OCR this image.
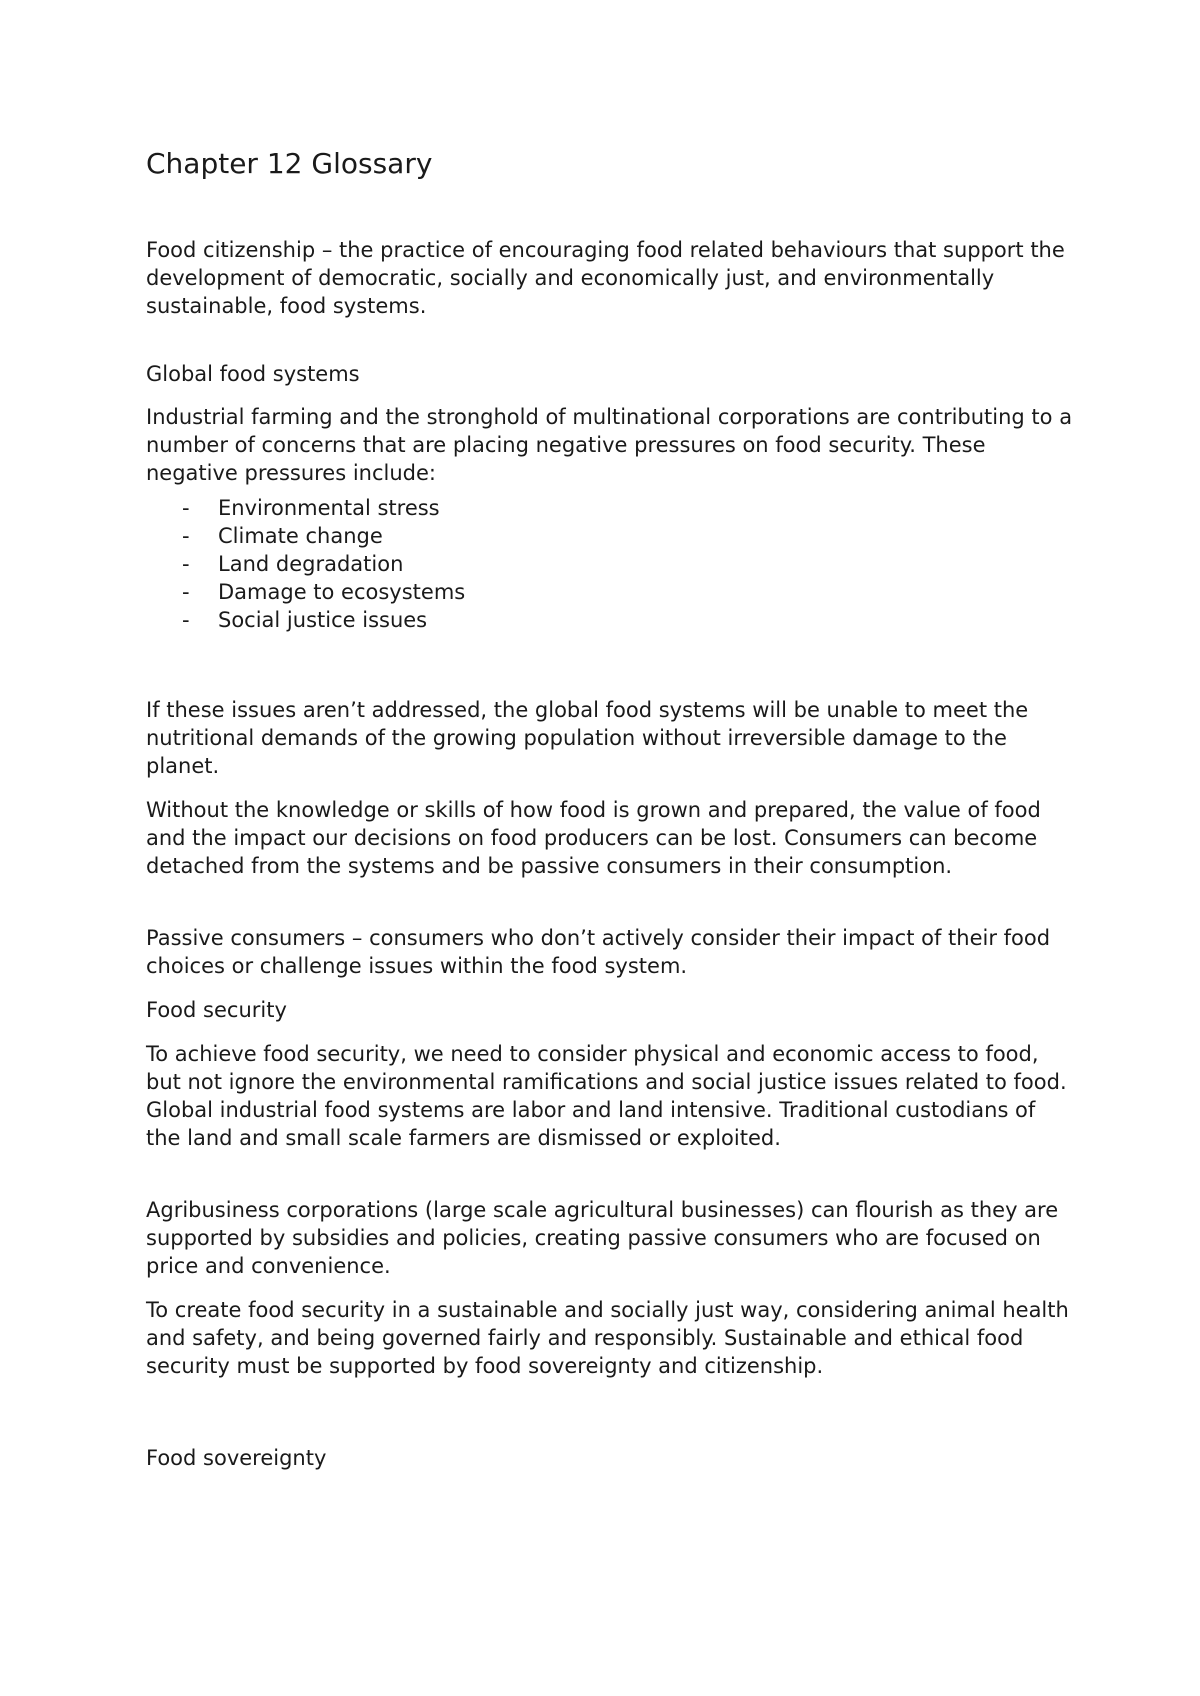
Chapter 12 Glossary

Food citizenship – the practice of encouraging food related behaviours that support the development of democratic, socially and economically just, and environmentally sustainable, food systems.

Global food systems

Industrial farming and the stronghold of multinational corporations are contributing to a number of concerns that are placing negative pressures on food security. These negative pressures include:

- Environmental stress
- Climate change
- Land degradation
- Damage to ecosystems
- Social justice issues

If these issues aren’t addressed, the global food systems will be unable to meet the nutritional demands of the growing population without irreversible damage to the planet.

Without the knowledge or skills of how food is grown and prepared, the value of food and the impact our decisions on food producers can be lost. Consumers can become detached from the systems and be passive consumers in their consumption.

Passive consumers – consumers who don’t actively consider their impact of their food choices or challenge issues within the food system.

Food security

To achieve food security, we need to consider physical and economic access to food, but not ignore the environmental ramifications and social justice issues related to food. Global industrial food systems are labor and land intensive. Traditional custodians of the land and small scale farmers are dismissed or exploited.

Agribusiness corporations (large scale agricultural businesses) can flourish as they are supported by subsidies and policies, creating passive consumers who are focused on price and convenience.

To create food security in a sustainable and socially just way, considering animal health and safety, and being governed fairly and responsibly. Sustainable and ethical food security must be supported by food sovereignty and citizenship.

Food sovereignty
